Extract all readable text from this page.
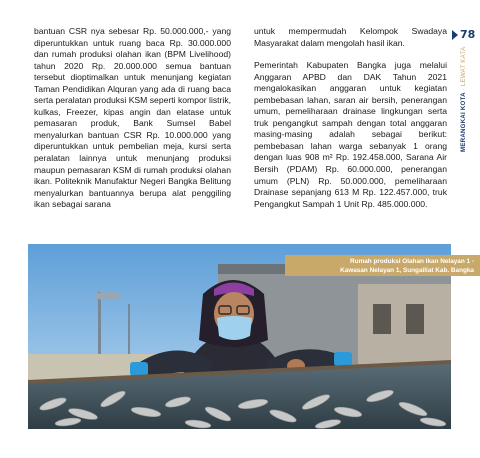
bantuan CSR nya sebesar Rp. 50.000.000,- yang diperuntukkan untuk ruang baca Rp. 30.000.000 dan rumah produksi olahan ikan (BPM Livelihood) tahun 2020 Rp. 20.000.000 semua bantuan tersebut dioptimalkan untuk menunjang kegiatan Taman Pendidikan Alquran yang ada di ruang baca serta peralatan produksi KSM seperti kompor listrik, kulkas, Freezer, kipas angin dan elatase untuk pemasaran produk, Bank Sumsel Babel menyalurkan bantuan CSR Rp. 10.000.000 yang diperuntukkan untuk pembelian meja, kursi serta peralatan lainnya untuk menunjang produksi maupun pemasaran KSM di rumah produksi olahan ikan. Politeknik Manufaktur Negeri Bangka Belitung menyalurkan bantuannya berupa alat penggiling ikan sebagai sarana

untuk mempermudah Kelompok Swadaya Masyarakat dalam mengolah hasil ikan.

Pemerintah Kabupaten Bangka juga melalui Anggaran APBD dan DAK Tahun 2021 mengalokasikan anggaran untuk kegiatan pembebasan lahan, saran air bersih, penerangan umum, pemeliharaan drainase lingkungan serta truk pengangkut sampah dengan total anggaran masing-masing adalah sebagai berikut: pembebasan lahan warga sebanyak 1 orang dengan luas 908 m² Rp. 192.458.000, Sarana Air Bersih (PDAM) Rp. 60.000.000, penerangan umum (PLN) Rp. 50.000.000, pemeliharaan Drainase sepanjang 613 M Rp. 122.457.000, truk Pengangkut Sampah 1 Unit Rp. 485.000.000.

78
MERANGKAI KOTA · LEWAT KATA
Rumah produksi Olahan Ikan Nelayan 1 -
Kawasan Nelayan 1, Sungailiat Kab. Bangka
